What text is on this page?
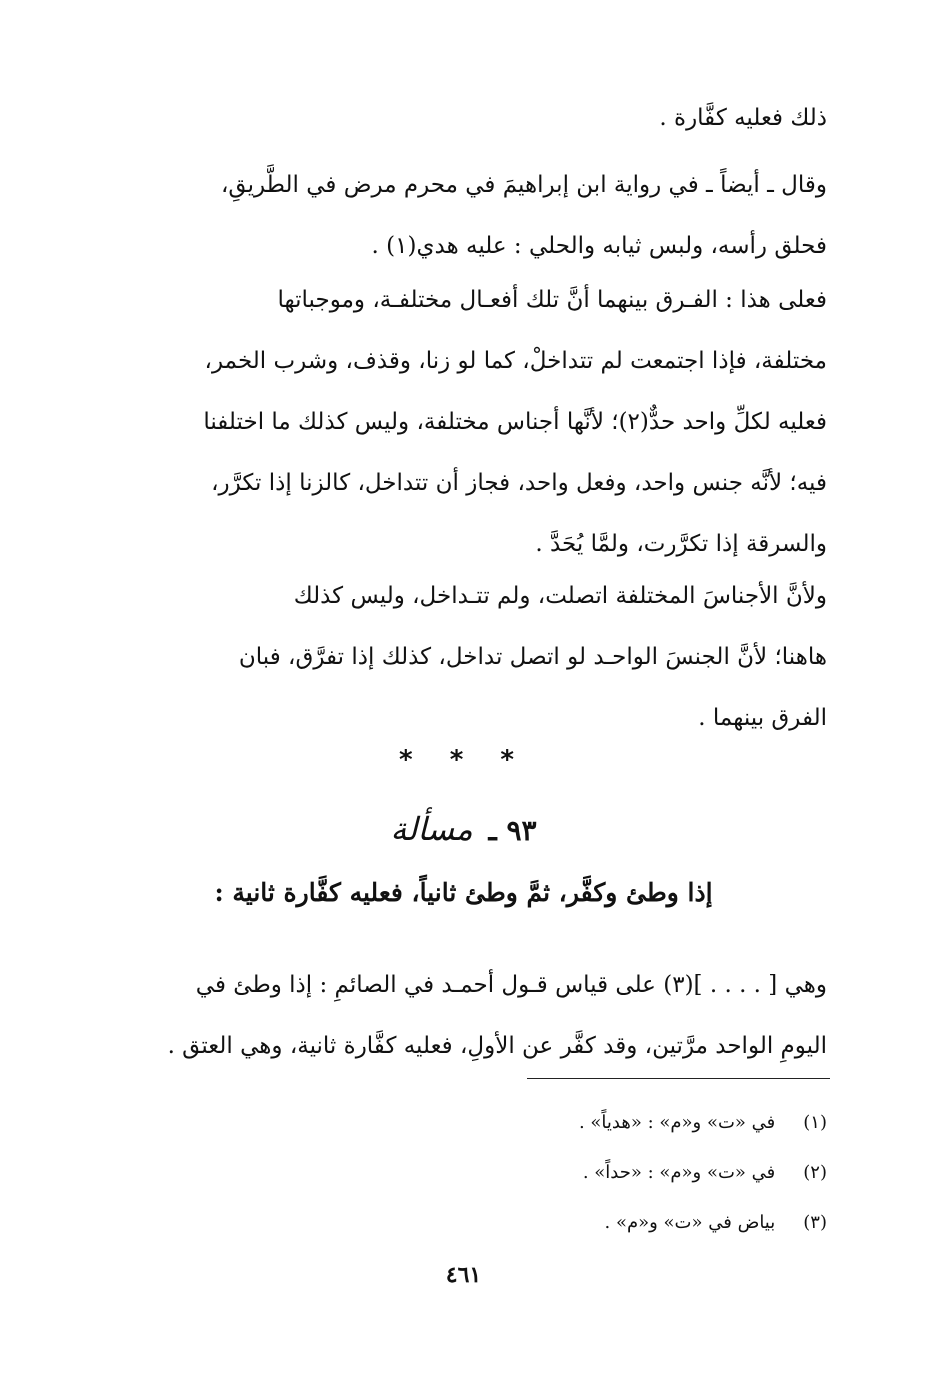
ذلك فعليه كفَّارة .
وقال ـ أيضاً ـ في رواية ابن إبراهيمَ في محرم مرض في الطَّريقِ،
فحلق رأسه، ولبس ثيابه والحلي : عليه هدي(١) .
فعلى هذا : الفـرق بينهما أنَّ تلك أفعـال مختلفـة، وموجباتها
مختلفة، فإذا اجتمعت لم تتداخلْ، كما لو زنا، وقذف، وشرب الخمر،
فعليه لكلِّ واحد حدٌّ(٢)؛ لأنَّها أجناس مختلفة، وليس كذلك ما اختلفنا
فيه؛ لأنَّه جنس واحد، وفعل واحد، فجاز أن تتداخل، كالزنا إذا تكرَّر،
والسرقة إذا تكرَّرت، ولمَّا يُحَدَّ .
ولأنَّ الأجناسَ المختلفة اتصلت، ولم تتـداخل، وليس كذلك
هاهنا؛ لأنَّ الجنسَ الواحـد لو اتصل تداخل، كذلك إذا تفرَّق، فبان
الفرق بينهما .
* * *
٩٣ ـ مسألة
إذا وطئ وكفَّر، ثمَّ وطئ ثانياً، فعليه كفَّارة ثانية :
وهي [ . . . . ](٣) على قياس قـول أحمـد في الصائمِ : إذا وطئ في
اليومِ الواحد مرَّتين، وقد كفَّر عن الأولِ، فعليه كفَّارة ثانية، وهي العتق .
(١) في «ت» و«م» : «هدياً» .
(٢) في «ت» و«م» : «حداً» .
(٣) بياض في «ت» و«م» .
٤٦١
